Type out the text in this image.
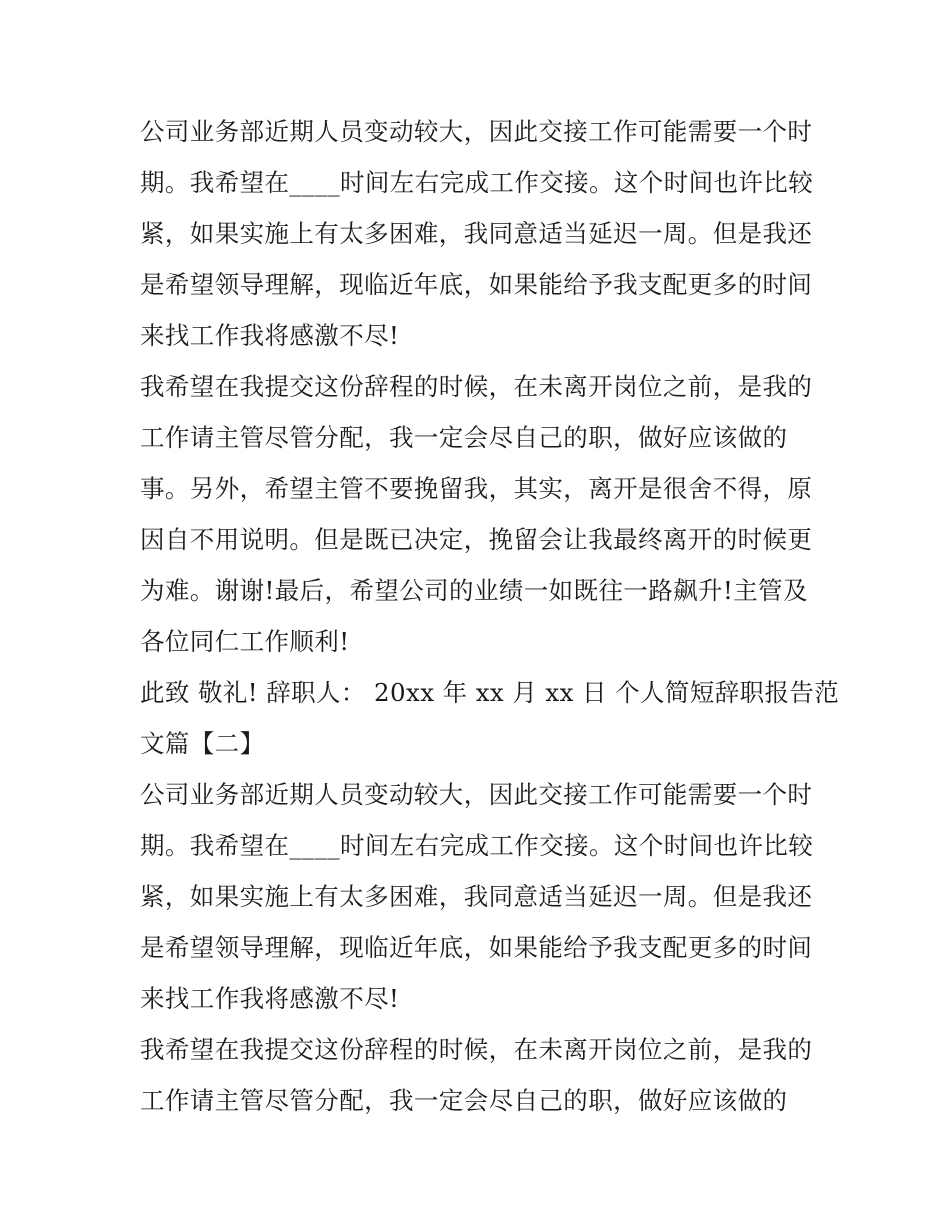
公司业务部近期人员变动较大，因此交接工作可能需要一个时
期。我希望在____时间左右完成工作交接。这个时间也许比较
紧，如果实施上有太多困难，我同意适当延迟一周。但是我还
是希望领导理解，现临近年底，如果能给予我支配更多的时间
来找工作我将感激不尽!
我希望在我提交这份辞程的时候，在未离开岗位之前，是我的
工作请主管尽管分配，我一定会尽自己的职，做好应该做的
事。另外，希望主管不要挽留我，其实，离开是很舍不得，原
因自不用说明。但是既已决定，挽留会让我最终离开的时候更
为难。谢谢!最后，希望公司的业绩一如既往一路飙升!主管及
各位同仁工作顺利!
此致 敬礼! 辞职人： 20xx 年 xx 月 xx 日 个人简短辞职报告范
文篇【二】
公司业务部近期人员变动较大，因此交接工作可能需要一个时
期。我希望在____时间左右完成工作交接。这个时间也许比较
紧，如果实施上有太多困难，我同意适当延迟一周。但是我还
是希望领导理解，现临近年底，如果能给予我支配更多的时间
来找工作我将感激不尽!
我希望在我提交这份辞程的时候，在未离开岗位之前，是我的
工作请主管尽管分配，我一定会尽自己的职，做好应该做的
